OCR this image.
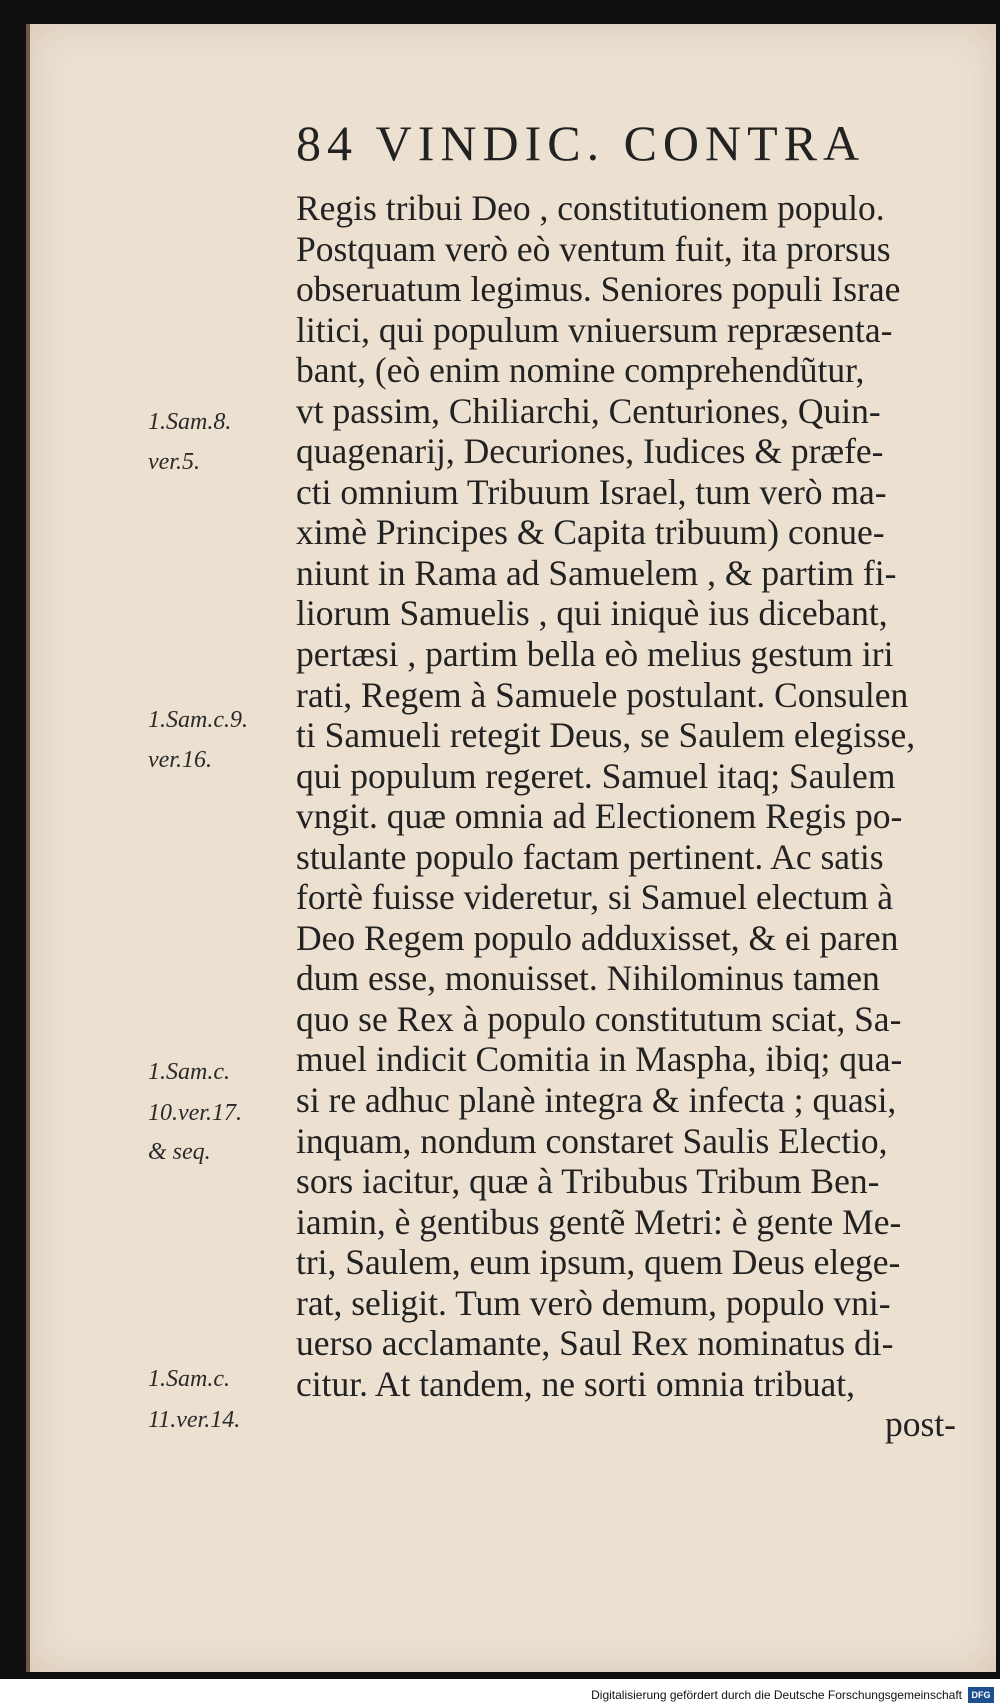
84 VINDIC. CONTRA
Regis tribui Deo , constitutionem populo.
Postquam verò eò ventum fuit, ita prorsus
obseruatum legimus. Seniores populi Israe
litici, qui populum vniuersum repræsenta-
bant, (eò enim nomine comprehendũtur,
vt passim, Chiliarchi, Centuriones, Quin-
quagenarij, Decuriones, Iudices & præfe-
cti omnium Tribuum Israel, tum verò ma-
ximè Principes & Capita tribuum) conue-
niunt in Rama ad Samuelem , & partim fi-
liorum Samuelis , qui iniquè ius dicebant,
pertæsi , partim bella eò melius gestum iri
rati, Regem à Samuele postulant. Consulen
ti Samueli retegit Deus, se Saulem elegisse,
qui populum regeret. Samuel itaq; Saulem
vngit. quæ omnia ad Electionem Regis po-
stulante populo factam pertinent. Ac satis
fortè fuisse videretur, si Samuel electum à
Deo Regem populo adduxisset, & ei paren
dum esse, monuisset. Nihilominus tamen
quo se Rex à populo constitutum sciat, Sa-
muel indicit Comitia in Maspha, ibiq; qua-
si re adhuc planè integra & infecta ; quasi,
inquam, nondum constaret Saulis Electio,
sors iacitur, quæ à Tribubus Tribum Ben-
iamin, è gentibus gentẽ Metri: è gente Me-
tri, Saulem, eum ipsum, quem Deus elege-
rat, seligit. Tum verò demum, populo vni-
uerso acclamante, Saul Rex nominatus di-
citur. At tandem, ne sorti omnia tribuat,
post-
1.Sam.8.
ver.5.
1.Sam.c.9.
ver.16.
1.Sam.c.
10.ver.17.
& seq.
1.Sam.c.
11.ver.14.
Digitalisierung gefördert durch die Deutsche Forschungsgemeinschaft	DFG
